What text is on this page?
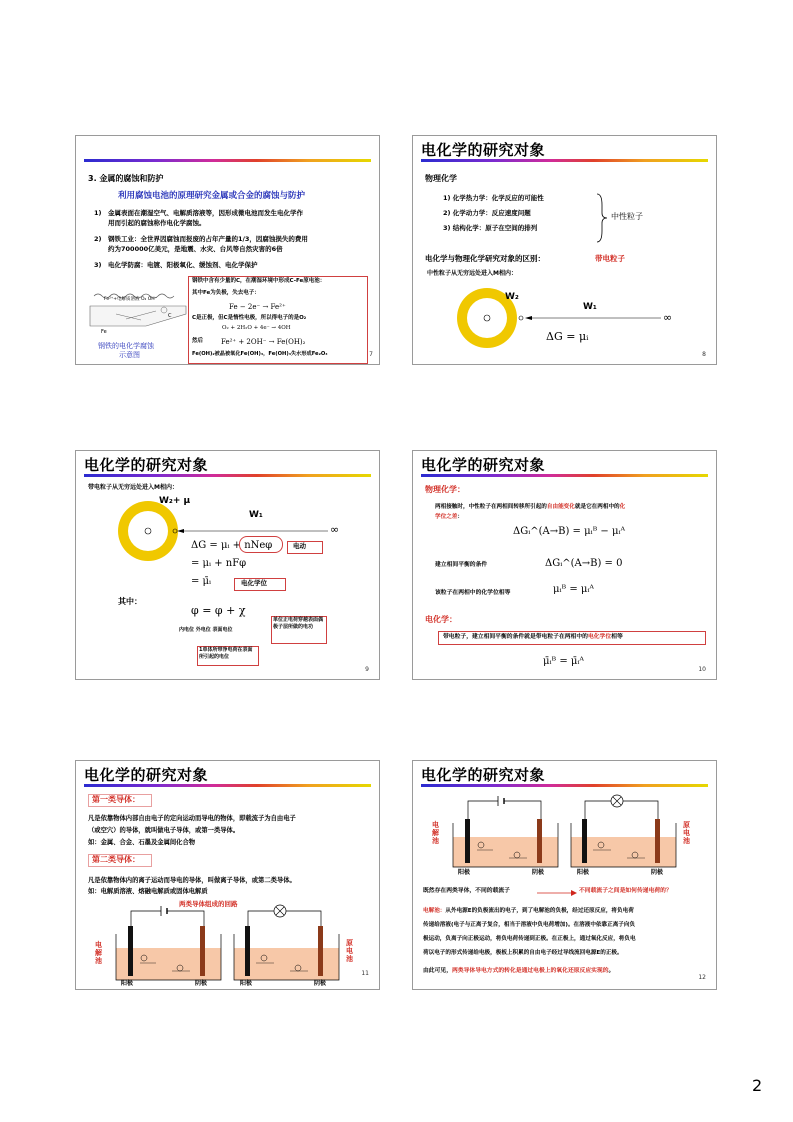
3. 金属的腐蚀和防护
利用腐蚀电池的原理研究金属或合金的腐蚀与防护
1) 金属表面在潮湿空气、电解质溶液等，因形成微电池而发生电化学作
用而引起的腐蚀称作电化学腐蚀。
2) 钢铁工业：全世界因腐蚀而报废的占年产量的1/3，因腐蚀损失的费用
约为700000亿美元，是地震、水灾、台风等自然灾害的6倍
3) 电化学防腐：电镀、阳极氧化、缓蚀剂、电化学保护
Fe²⁺+电解质溶液 O₂ OH⁻
Fe
C
钢铁的电化学腐蚀
示意图
钢铁中含有少量的C，在潮湿环境中形成C-Fe原电池：
其中Fe为负极，失去电子：
Fe − 2e⁻ → Fe²⁺
C是正极，但C是惰性电极，所以得电子的是O₂
O₂ + 2H₂O + 4e⁻ → 4OH
然后	Fe²⁺ + 2OH⁻ → Fe(OH)₂
Fe(OH)₂被晶被氧化Fe(OH)₃，Fe(OH)₃失水形成Fe₂O₃	7
电化学的研究对象
物理化学
1) 化学热力学：化学反应的可能性
2) 化学动力学：反应速度问题
3) 结构化学：原子在空间的排列
中性粒子
电化学与物理化学研究对象的区别：	带电粒子
中性粒子从无穷远处进入M相内：
W₂
W₁
∞
ΔG = μᵢ
8
电化学的研究对象
带电粒子从无穷远处进入M相内：
W₂+ μ
W₁
∞
ΔG = μᵢ + nNeφ
= μᵢ + nFφ
= μ̄ᵢ
电动
电化学位
其中：
φ = φ + χ
内电位 外电位 表面电位
单位正电荷穿越表面偶极子层所做的电功
1单体所带净电荷在表面所引起的电位
9
电化学的研究对象
物理化学：
两相接触时，中性粒子在两相间转移所引起的自由能变化就是它在两相中的化
学位之差：
ΔGᵢ^(A→B) = μᵢᴮ − μᵢᴬ
建立相间平衡的条件	ΔGᵢ^(A→B) = 0
该粒子在两相中的化学位相等	μᵢᴮ = μᵢᴬ
电化学：
带电粒子，建立相间平衡的条件就是带电粒子在两相中的电化学位相等
μ̄ᵢᴮ = μ̄ᵢᴬ
10
电化学的研究对象
第一类导体：
凡是依靠物体内部自由电子的定向运动而导电的物体，即载流子为自由电子
（或空穴）的导体，就叫做电子导体，或第一类导体。
如：金属、合金、石墨及金属间化合物
第二类导体：
凡是依靠物体内的离子运动而导电的导体，叫做离子导体，或第二类导体。
如：电解质溶液、熔融电解质或固体电解质
两类导体组成的回路
电解池
原电池
阳极	阴极	阳极	阴极
11
电化学的研究对象
电解池
原电池
阳极	阴极	阳极	阴极
既然存在两类导体，不同的载流子	不同载流子之间是如何传递电荷的？
电解池：从外电源E的负极流出的电子，到了电解池的负极，经过还原反应，将负电荷
传递给溶液(电子与正离子复合，相当于溶液中负电荷增加)。在溶液中依靠正离子向负
极运动，负离子向正极运动，将负电荷传递到正极。在正极上，通过氧化反应，将负电
荷以电子的形式传递给电极，极板上积累的自由电子经过导线流回电源E的正极。
由此可见，两类导体导电方式的转化是通过电极上的氧化还原反应实现的。
12
2
